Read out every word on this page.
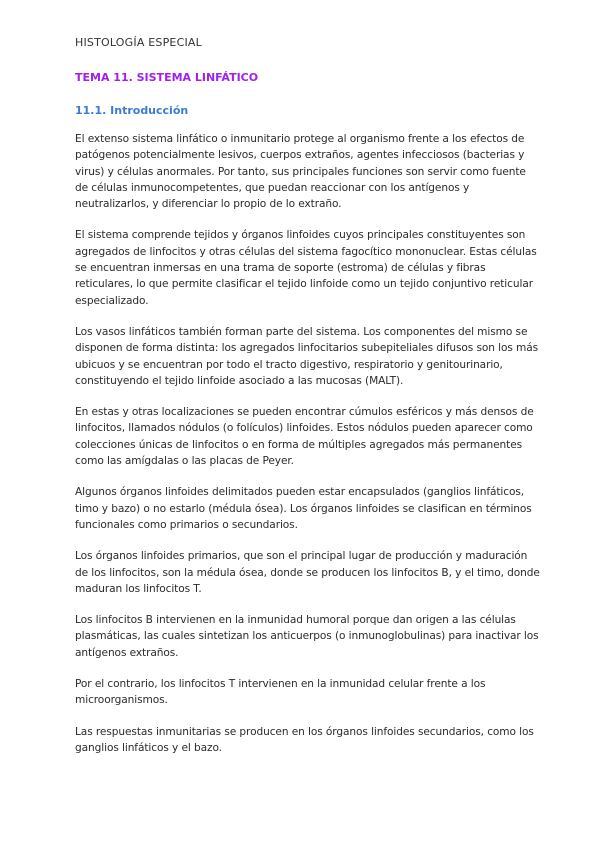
HISTOLOGÍA ESPECIAL
TEMA 11. SISTEMA LINFÁTICO
11.1. Introducción

El extenso sistema linfático o inmunitario protege al organismo frente a los efectos de patógenos potencialmente lesivos, cuerpos extraños, agentes infecciosos (bacterias y virus) y células anormales. Por tanto, sus principales funciones son servir como fuente de células inmunocompetentes, que puedan reaccionar con los antígenos y neutralizarlos, y diferenciar lo propio de lo extraño.

El sistema comprende tejidos y órganos linfoides cuyos principales constituyentes son agregados de linfocitos y otras células del sistema fagocítico mononuclear. Estas células se encuentran inmersas en una trama de soporte (estroma) de células y fibras reticulares, lo que permite clasificar el tejido linfoide como un tejido conjuntivo reticular especializado.

Los vasos linfáticos también forman parte del sistema. Los componentes del mismo se disponen de forma distinta: los agregados linfocitarios subepiteliales difusos son los más ubicuos y se encuentran por todo el tracto digestivo, respiratorio y genitourinario, constituyendo el tejido linfoide asociado a las mucosas (MALT).

En estas y otras localizaciones se pueden encontrar cúmulos esféricos y más densos de linfocitos, llamados nódulos (o folículos) linfoides. Estos nódulos pueden aparecer como colecciones únicas de linfocitos o en forma de múltiples agregados más permanentes como las amígdalas o las placas de Peyer.

Algunos órganos linfoides delimitados pueden estar encapsulados (ganglios linfáticos, timo y bazo) o no estarlo (médula ósea). Los órganos linfoides se clasifican en términos funcionales como primarios o secundarios.

Los órganos linfoides primarios, que son el principal lugar de producción y maduración de los linfocitos, son la médula ósea, donde se producen los linfocitos B, y el timo, donde maduran los linfocitos T.

Los linfocitos B intervienen en la inmunidad humoral porque dan origen a las células plasmáticas, las cuales sintetizan los anticuerpos (o inmunoglobulinas) para inactivar los antígenos extraños.

Por el contrario, los linfocitos T intervienen en la inmunidad celular frente a los microorganismos.

Las respuestas inmunitarias se producen en los órganos linfoides secundarios, como los ganglios linfáticos y el bazo.
